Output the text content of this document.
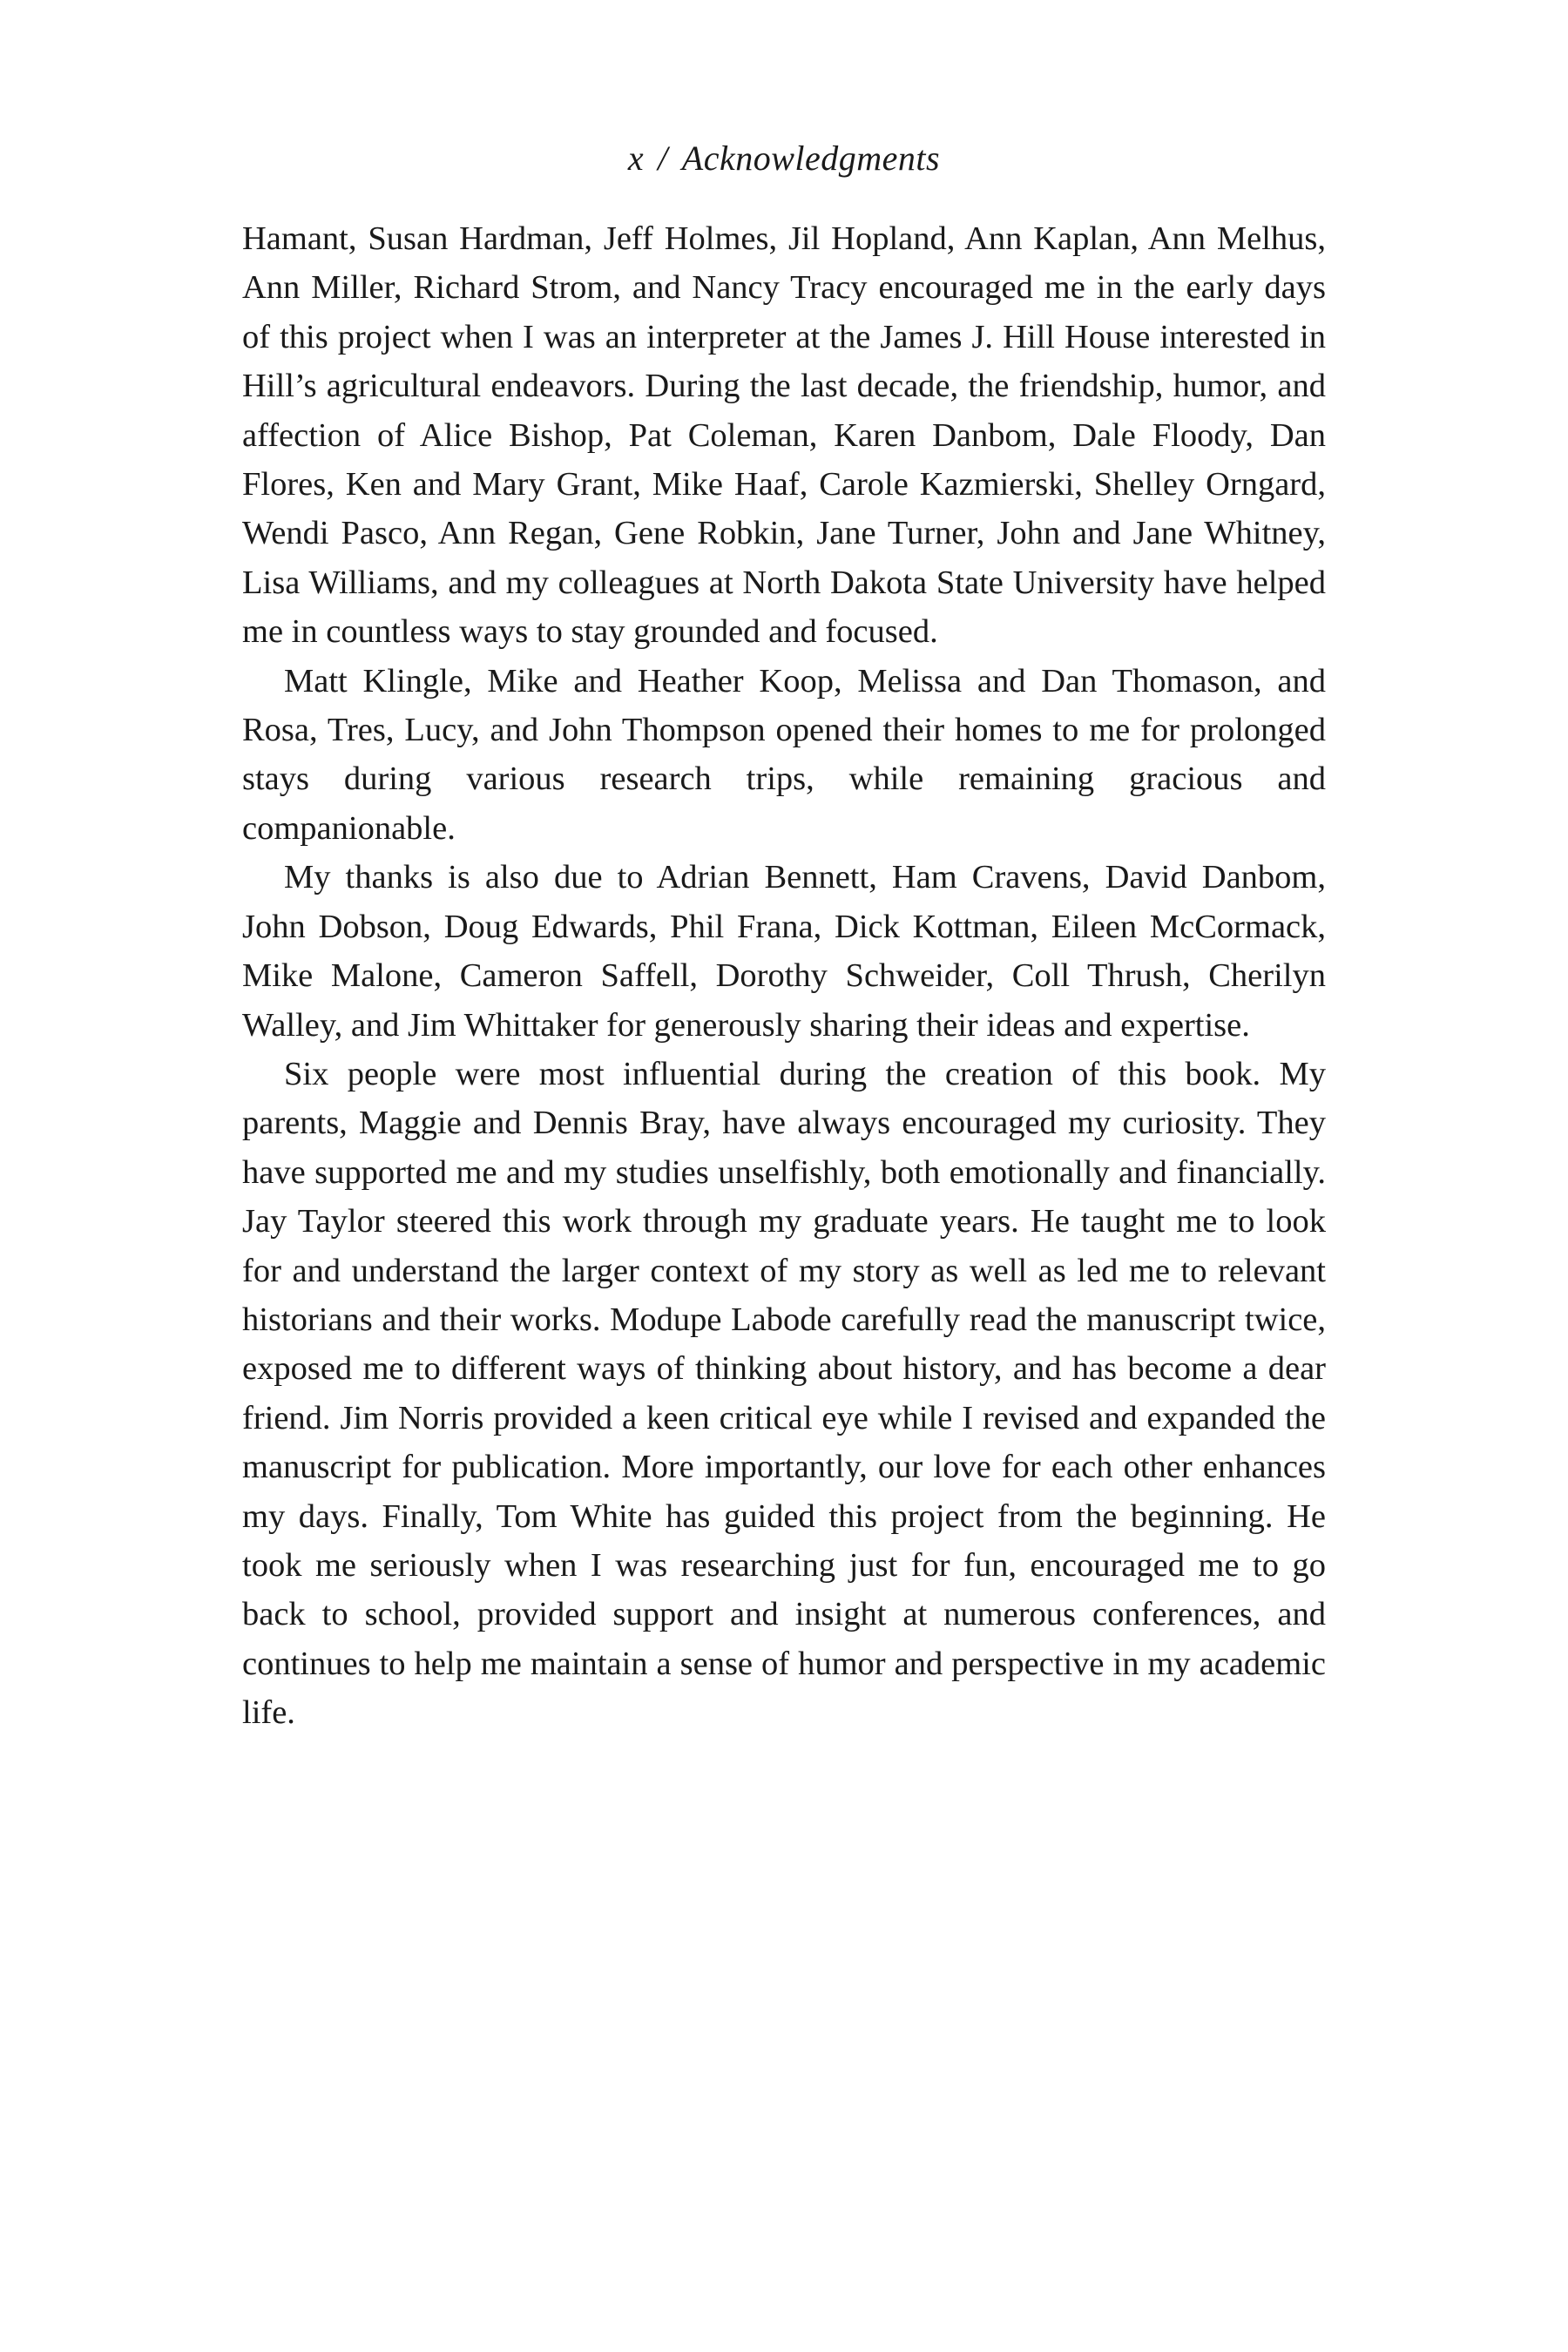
x / Acknowledgments

Hamant, Susan Hardman, Jeff Holmes, Jil Hopland, Ann Kaplan, Ann Melhus, Ann Miller, Richard Strom, and Nancy Tracy encouraged me in the early days of this project when I was an interpreter at the James J. Hill House interested in Hill’s agricultural endeavors. During the last decade, the friendship, humor, and affection of Alice Bishop, Pat Coleman, Karen Danbom, Dale Floody, Dan Flores, Ken and Mary Grant, Mike Haaf, Carole Kazmierski, Shelley Orngard, Wendi Pasco, Ann Regan, Gene Robkin, Jane Turner, John and Jane Whitney, Lisa Williams, and my colleagues at North Dakota State University have helped me in countless ways to stay grounded and focused.

Matt Klingle, Mike and Heather Koop, Melissa and Dan Thomason, and Rosa, Tres, Lucy, and John Thompson opened their homes to me for prolonged stays during various research trips, while remaining gracious and companionable.

My thanks is also due to Adrian Bennett, Ham Cravens, David Danbom, John Dobson, Doug Edwards, Phil Frana, Dick Kottman, Eileen McCormack, Mike Malone, Cameron Saffell, Dorothy Schweider, Coll Thrush, Cherilyn Walley, and Jim Whittaker for generously sharing their ideas and expertise.

Six people were most influential during the creation of this book. My parents, Maggie and Dennis Bray, have always encouraged my curiosity. They have supported me and my studies unselfishly, both emotionally and financially. Jay Taylor steered this work through my graduate years. He taught me to look for and understand the larger context of my story as well as led me to relevant historians and their works. Modupe Labode carefully read the manuscript twice, exposed me to different ways of thinking about history, and has become a dear friend. Jim Norris provided a keen critical eye while I revised and expanded the manuscript for publication. More importantly, our love for each other enhances my days. Finally, Tom White has guided this project from the beginning. He took me seriously when I was researching just for fun, encouraged me to go back to school, provided support and insight at numerous conferences, and continues to help me maintain a sense of humor and perspective in my academic life.
